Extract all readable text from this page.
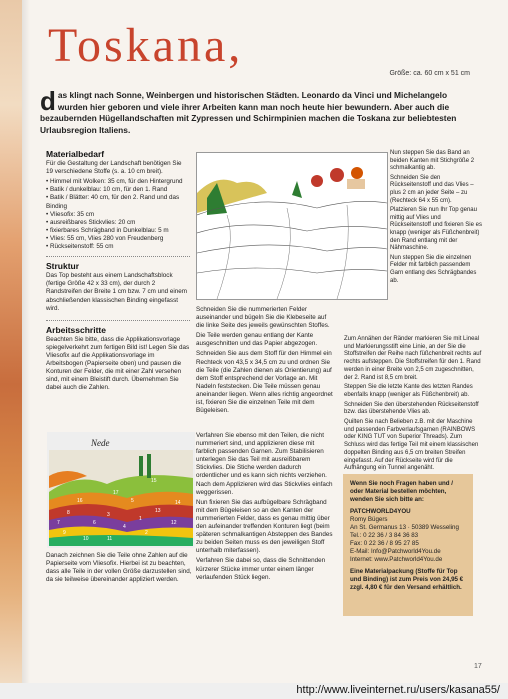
Toskana,
Größe: ca. 60 cm x 51 cm
d as klingt nach Sonne, Weinbergen und historischen Städten. Leonardo da Vinci und Michelangelo wurden hier geboren und viele ihrer Arbeiten kann man noch heute hier bewundern. Aber auch die bezaubernden Hügellandschaften mit Zypressen und Schirmpinien machen die Toskana zur beliebtesten Urlaubsregion Italiens.
Materialbedarf

Für die Gestaltung der Landschaft benötigen Sie 19 verschiedene Stoffe (s. a. 10 cm breit).

• Himmel mit Wolken: 35 cm, für den Hintergrund
• Batik / dunkelblau: 10 cm, für den 1. Rand
• Batik / Blätter: 40 cm, für den 2. Rand und das Binding
• Vliesofix: 35 cm
• ausreißbares Stickvlies: 20 cm
• fixierbares Schrägband in Dunkelblau: 5 m
• Vlies: 55 cm, Vlies 280 von Freudenberg
• Rückseitenstoff: 55 cm
Struktur

Das Top besteht aus einem Landschaftsblock (fertige Größe 42 x 33 cm), der durch 2 Randstreifen der Breite 1 cm bzw. 7 cm und einem abschließenden klassischen Binding eingefasst wird.

Arbeitsschritte

Beachten Sie bitte, dass die Applikationsvorlage spiegelverkehrt zum fertigen Bild ist! Legen Sie das Vliesofix auf die Applikationsvorlage im Arbeitsbogen (Papierseite oben) und pausen die Konturen der Felder, die mit einer Zahl versehen sind, mit einem Bleistift durch. Übernehmen Sie dabei auch die Zahlen.

Schneiden Sie die nummerierten Felder auseinander und bügeln Sie die Klebeseite auf die linke Seite des jeweils gewünschten Stoffes.

Die Teile werden genau entlang der Kante ausgeschnitten und das Papier abgezogen.

Schneiden Sie aus dem Stoff für den Himmel ein Rechteck von 43,5 x 34,5 cm zu und ordnen Sie die Teile (die Zahlen dienen als Orientierung) auf dem Stoff entsprechend der Vorlage an. Mit Nadeln feststecken. Die Teile müssen genau aneinander liegen. Wenn alles richtig angeordnet ist, fixieren Sie die einzelnen Teile mit dem Bügeleisen.

Verfahren Sie ebenso mit den Teilen, die nicht nummeriert sind, und applizieren diese mit farblich passenden Garnen. Zum Stabilisieren unterlegen Sie das Teil mit ausreißbarem Stickvlies. Die Stiche werden dadurch ordentlicher und es kann sich nichts verziehen. Nach dem Applizieren wird das Stickvlies einfach weggerissen.

Nun fixieren Sie das aufbügelbare Schrägband mit dem Bügeleisen so an den Kanten der nummerierten Felder, dass es genau mittig über den aufeinander treffenden Konturen liegt (beim späteren schmalkantigen Absteppen des Bandes zu beiden Seiten muss es den jeweiligen Stoff unterhalb miterfassen).

Verfahren Sie dabei so, dass die Schnittenden kürzerer Stücke immer unter einem länger verlaufenden Stück liegen.

Nede
17
15
14
13
8
6
4
2
9
7
10	11
12
16	5
3
1

Danach zeichnen Sie die Teile ohne Zahlen auf die Papierseite vom Vliesofix. Hierbei ist zu beachten, dass alle Teile in der vollen Größe darzustellen sind, da sie teilweise übereinander appliziert werden.

Nun steppen Sie das Band an beiden Kanten mit Stichgröße 2 schmalkantig ab.

Schneiden Sie den Rückseitenstoff und das Vlies – plus 2 cm an jeder Seite – zu (Rechteck 64 x 55 cm).

Platzieren Sie nun Ihr Top genau mittig auf Vlies und Rückseitenstoff und fixieren Sie es knapp (weniger als Füßchenbreit) den Rand entlang mit der Nähmaschine.

Nun steppen Sie die einzelnen Felder mit farblich passendem Garn entlang des Schrägbandes ab.

Zum Annähen der Ränder markieren Sie mit Lineal und Markierungsstift eine Linie, an der Sie die Stoffstreifen der Reihe nach füßchenbreit rechts auf rechts aufsteppen. Die Stoffstreifen für den 1. Rand werden in einer Breite von 2,5 cm zugeschnitten, der 2. Rand ist 8,5 cm breit.

Steppen Sie die letzte Kante des letzten Randes ebenfalls knapp (weniger als Füßchenbreit) ab.

Schneiden Sie den überstehenden Rückseitenstoff bzw. das überstehende Vlies ab.

Quilten Sie nach Belieben z.B. mit der Maschine und passenden Farbverlaufsgarnen (RAINBOWS oder KING TUT von Superior Threads). Zum Schluss wird das fertige Teil mit einem klassischen doppelten Binding aus 6,5 cm breiten Streifen eingefasst. Auf der Rückseite wird für die Aufhängung ein Tunnel angenäht.

Wenn Sie noch Fragen haben und / oder Material bestellen möchten, wenden Sie sich bitte an:

PATCHWORLD4YOU
Romy Bügers
An St. Germanus 13 · 50389 Wesseling
Tel.: 0 22 36 / 3 84 36 83
Fax: 0 22 36 / 8 95 27 85
E-Mail: Info@Patchworld4You.de

Internet: www.Patchworld4You.de

Eine Materialpackung (Stoffe für Top und Binding) ist zum Preis von 24,95 € zzgl. 4,80 € für den Versand erhältlich.

17
http://www.liveinternet.ru/users/kasana55/
